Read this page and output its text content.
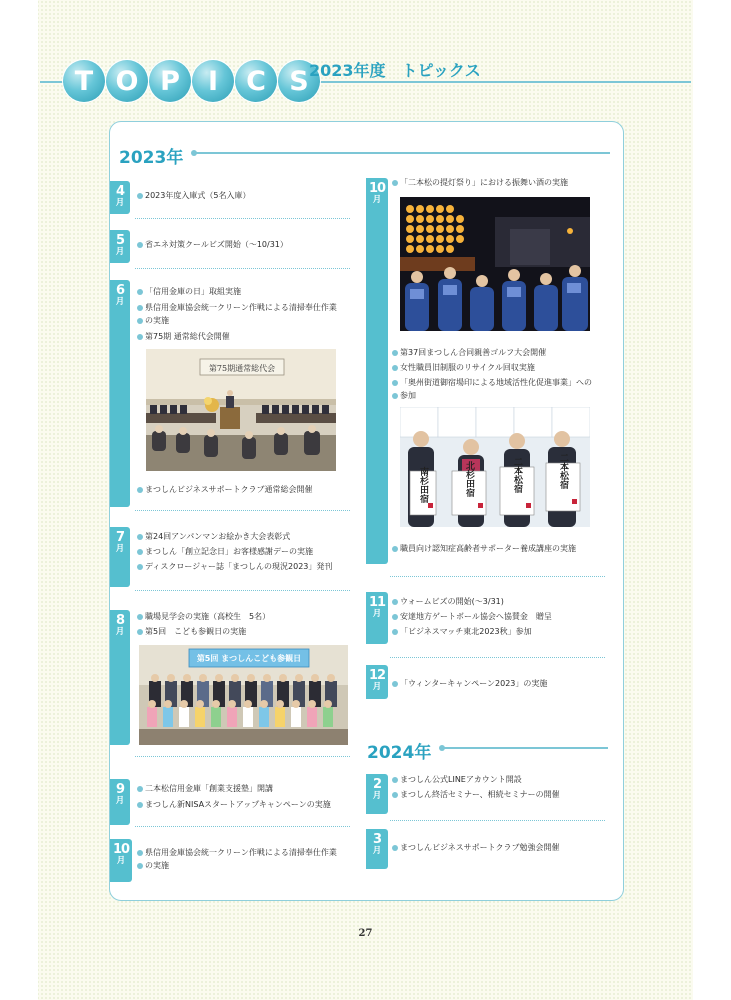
T O P	I	C S 2023年度　トピックス
2023年
4
月
2023年度入庫式（5名入庫）
5
月
省エネ対策クールビズ開始（〜10/31）
6
月
「信用金庫の日」取組実施
県信用金庫協会統一クリーン作戦による清掃奉仕作業
の実施
第75期 通常総代会開催
第75期通常総代会
まつしんビジネスサポートクラブ通常総会開催
7
月
第24回アンパンマンお絵かき大会表彰式
まつしん「創立記念日」お客様感謝デーの実施
ディスクロージャー誌「まつしんの現況2023」発刊
8
月
職場見学会の実施（高校生　5名）
第5回　こども参観日の実施
第5回 まつしんこども参観日
9
月
二本松信用金庫「創業支援塾」開講
まつしん新NISAスタートアップキャンペーンの実施
10
月
県信用金庫協会統一クリーン作戦による清掃奉仕作業
の実施
10
月
「二本松の提灯祭り」における振舞い酒の実施
第37回まつしん合同親善ゴルフ大会開催
女性職員旧制服のリサイクル回収実施
「奥州街道御宿場印による地域活性化促進事業」への
参加
南杉田宿	北杉田宿	二本松宿	二本松宿
職員向け認知症高齢者サポーター養成講座の実施
11
月
ウォームビズの開始(〜3/31)
安達地方ゲートボール協会へ協賛金　贈呈
「ビジネスマッチ東北2023秋」参加
12
月	「ウィンターキャンペーン2023」の実施
2024年
2
月
まつしん公式LINEアカウント開設
まつしん終活セミナー、相続セミナーの開催
3
月	まつしんビジネスサポートクラブ勉強会開催
27
